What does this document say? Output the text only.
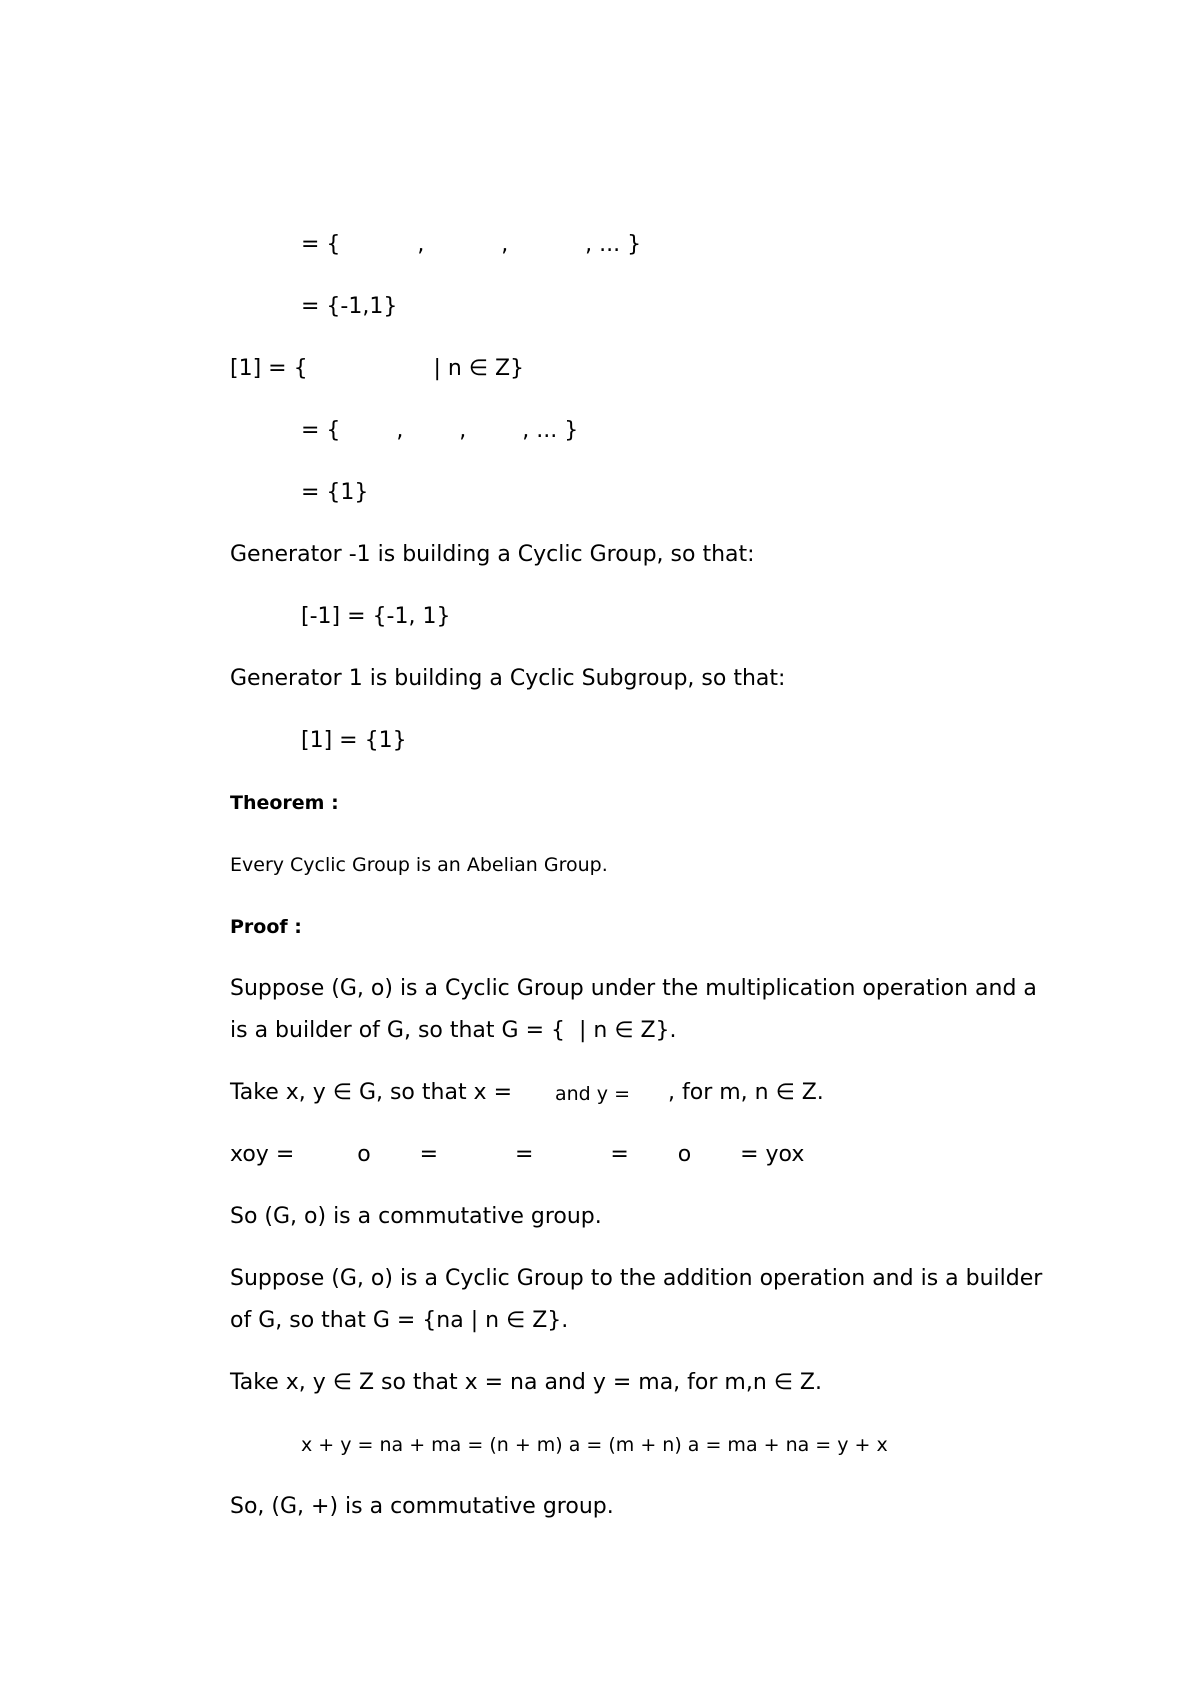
= {           ,           ,           , ... }
= {-1,1}
[1] = {                  | n ∈ Z}
= {        ,        ,        , ... }
= {1}
Generator -1 is building a Cyclic Group, so that:
[-1] = {-1, 1}
Generator 1 is building a Cyclic Subgroup, so that:
[1] = {1}
Theorem :
Every Cyclic Group is an Abelian Group.
Proof :
Suppose (G, o) is a Cyclic Group under the multiplication operation and a
is a builder of G, so that G = {  | n ∈ Z}.
Take x, y ∈ G, so that x = and y = , for m, n ∈ Z.
xoy =         o       =           =           =       o       = yox
So (G, o) is a commutative group.
Suppose (G, o) is a Cyclic Group to the addition operation and is a builder
of G, so that G = {na | n ∈ Z}.
Take x, y ∈ Z so that x = na and y = ma, for m,n ∈ Z.
x + y = na + ma = (n + m) a = (m + n) a = ma + na = y + x
So, (G, +) is a commutative group.
